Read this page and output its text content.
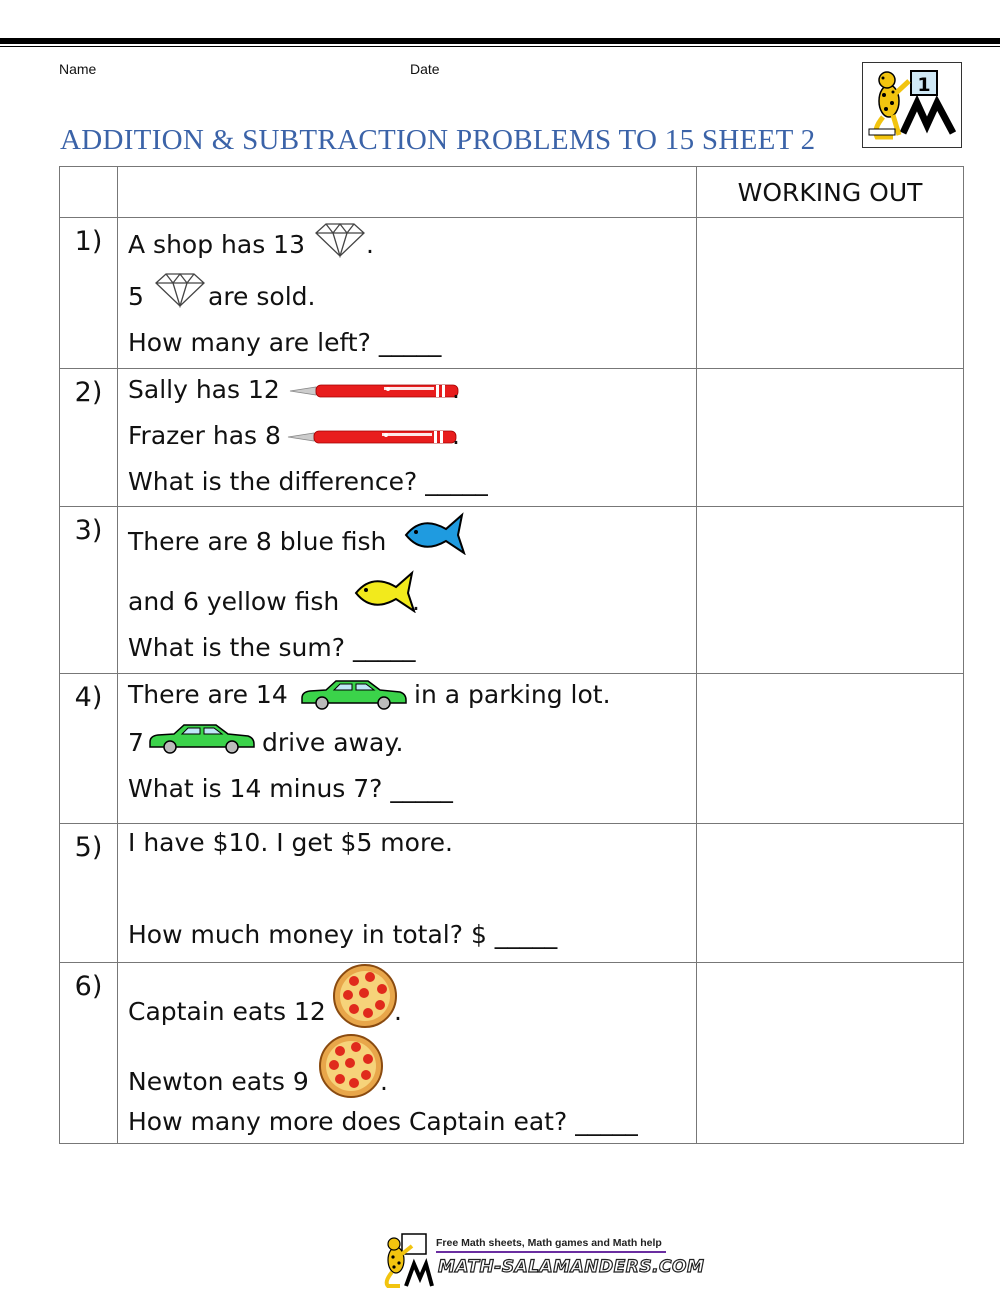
Name	Date
ADDITION & SUBTRACTION PROBLEMS TO 15 SHEET 2
1
		WORKING OUT

1)	A shop has 13 .
5 are sold.
How many are left? _____	

2)	Sally has 12 .
Frazer has 8 .
What is the difference? _____	

3)	There are 8 blue fish
and 6 yellow fish .
What is the sum? _____	

4)	There are 14 in a parking lot.
7 drive away.
What is 14 minus 7? _____	

5)	I have $10. I get $5 more.
How much money in total? $ _____	

6)	Captain eats 12 .
Newton eats 9 .
How many more does Captain eat? _____	

Free Math sheets, Math games and Math help
MATH-SALAMANDERS.COM
